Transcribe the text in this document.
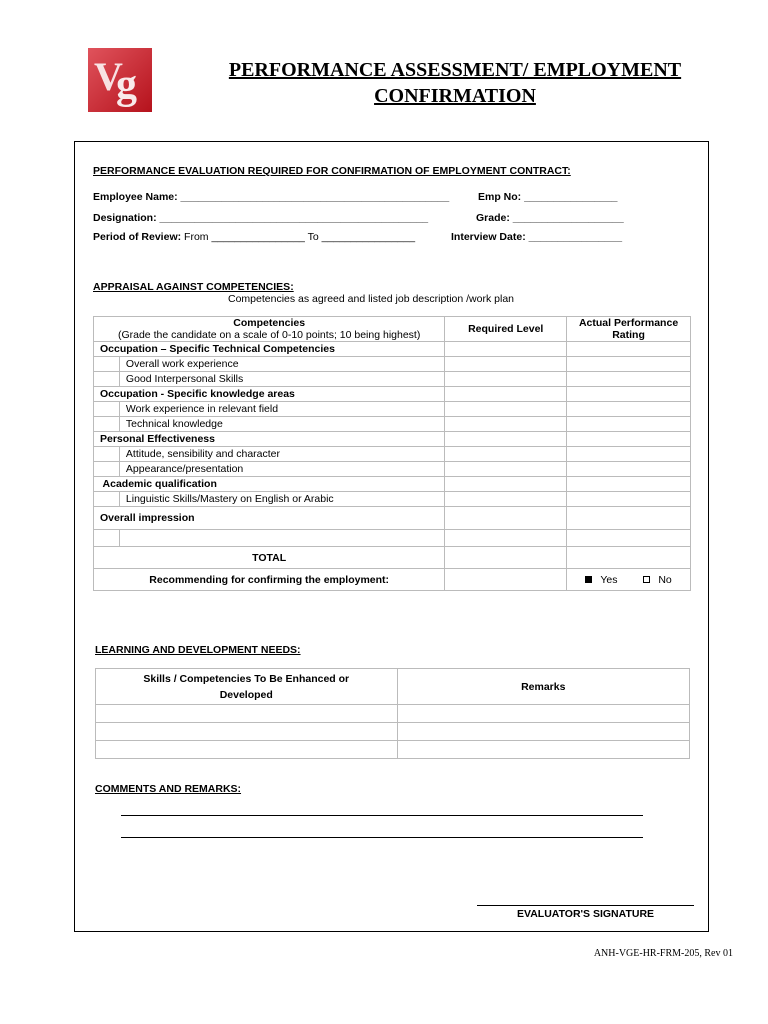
V
g	PERFORMANCE ASSESSMENT/ EMPLOYMENT
CONFIRMATION
PERFORMANCE EVALUATION REQUIRED FOR CONFIRMATION OF EMPLOYMENT CONTRACT:
Employee Name: ______________________________________________	Emp No: ________________
Designation: ______________________________________________	Grade: ___________________
Period of Review: From ________________ To ________________	Interview Date: ________________
APPRAISAL AGAINST COMPETENCIES:
Competencies as agreed and listed job description /work plan
Competencies
(Grade the candidate on a scale of 0-10 points; 10 being highest)		Required Level	Actual Performance Rating
Occupation – Specific Technical Competencies			
	Overall work experience		
	Good Interpersonal Skills		
Occupation - Specific knowledge areas			
	Work experience in relevant field		
	Technical knowledge		
Personal Effectiveness			
	Attitude, sensibility and character		
	Appearance/presentation		
Academic qualification			
	Linguistic Skills/Mastery on English or Arabic		
Overall impression			

TOTAL			
Recommending for confirming the employment:			Yes No
LEARNING AND DEVELOPMENT NEEDS:
Skills / Competencies To Be Enhanced or
Developed	Remarks

COMMENTS AND REMARKS:
EVALUATOR'S SIGNATURE
ANH-VGE-HR-FRM-205, Rev 01
